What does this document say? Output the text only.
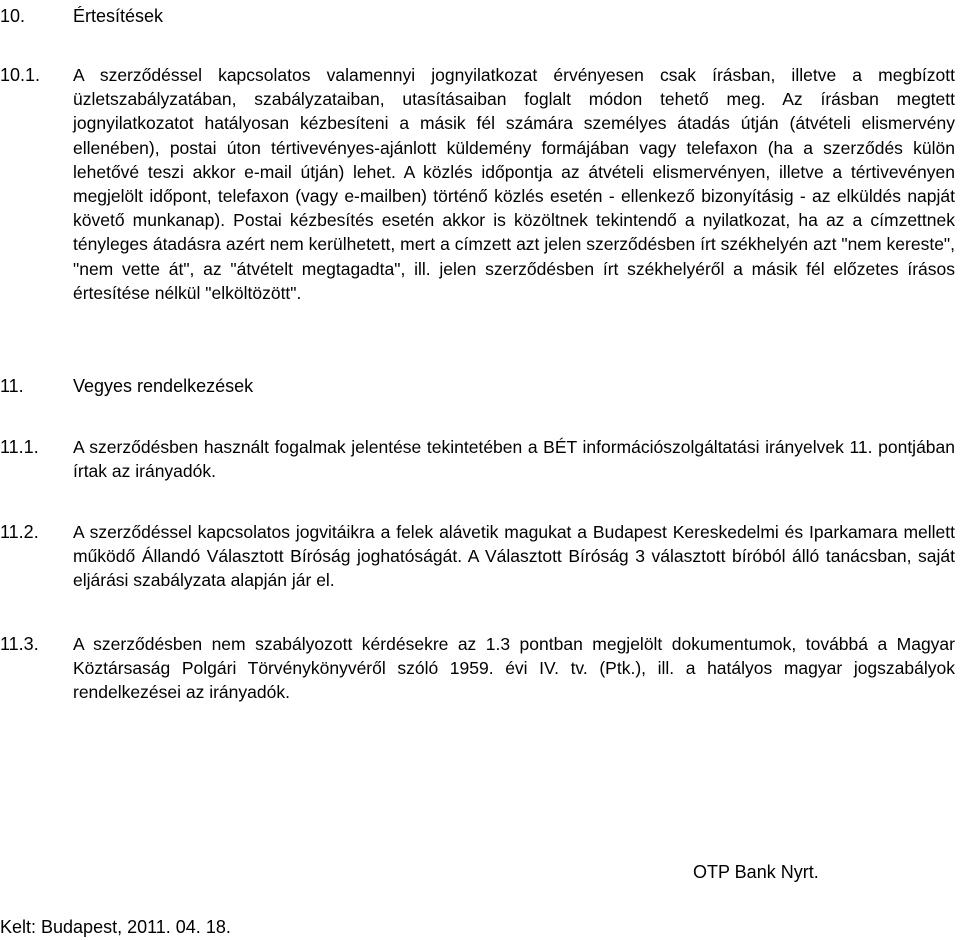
10.	Értesítések
10.1. A szerződéssel kapcsolatos valamennyi jognyilatkozat érvényesen csak írásban, illetve a megbízott üzletszabályzatában, szabályzataiban, utasításaiban foglalt módon tehető meg. Az írásban megtett jognyilatkozatot hatályosan kézbesíteni a másik fél számára személyes átadás útján (átvételi elismervény ellenében), postai úton tértivevényes-ajánlott küldemény formájában vagy telefaxon (ha a szerződés külön lehetővé teszi akkor e-mail útján) lehet. A közlés időpontja az átvételi elismervényen, illetve a tértivevényen megjelölt időpont, telefaxon (vagy e-mailben) történő közlés esetén - ellenkező bizonyításig - az elküldés napját követő munkanap). Postai kézbesítés esetén akkor is közöltnek tekintendő a nyilatkozat, ha az a címzettnek tényleges átadásra azért nem kerülhetett, mert a címzett azt jelen szerződésben írt székhelyén azt "nem kereste", "nem vette át", az "átvételt megtagadta", ill. jelen szerződésben írt székhelyéről a másik fél előzetes írásos értesítése nélkül "elköltözött".
11.	Vegyes rendelkezések
11.1. A szerződésben használt fogalmak jelentése tekintetében a BÉT információszolgáltatási irányelvek 11. pontjában írtak az irányadók.
11.2. A szerződéssel kapcsolatos jogvitáikra a felek alávetik magukat a Budapest Kereskedelmi és Iparkamara mellett működő Állandó Választott Bíróság joghatóságát. A Választott Bíróság 3 választott bíróból álló tanácsban, saját eljárási szabályzata alapján jár el.
11.3. A szerződésben nem szabályozott kérdésekre az 1.3 pontban megjelölt dokumentumok, továbbá a Magyar Köztársaság Polgári Törvénykönyvéről szóló 1959. évi IV. tv. (Ptk.), ill. a hatályos magyar jogszabályok rendelkezései az irányadók.
OTP Bank Nyrt.
Kelt: Budapest, 2011. 04. 18.
